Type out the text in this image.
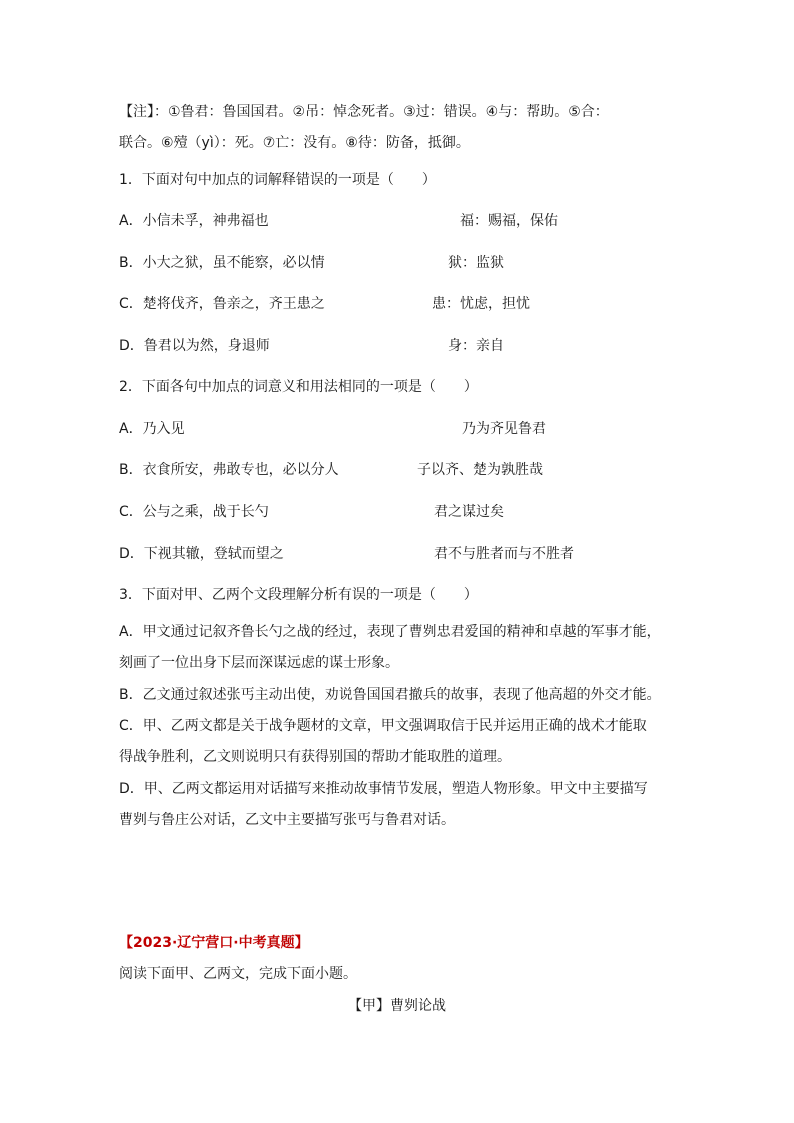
【注】：①鲁君：鲁国国君。②吊：悼念死者。③过：错误。④与：帮助。⑤合：
联合。⑥殪（yì）：死。⑦亡：没有。⑧待：防备，抵御。
1．下面对句中加点的词解释错误的一项是（　　）
A．小信未孚，神弗福也	福：赐福，保佑
B．小大之狱，虽不能察，必以情	狱：监狱
C．楚将伐齐，鲁亲之，齐王患之	患：忧虑，担忧
D．鲁君以为然，身退师	身：亲自
2．下面各句中加点的词意义和用法相同的一项是（　　）
A．乃入见	乃为齐见鲁君
B．衣食所安，弗敢专也，必以分人	子以齐、楚为孰胜哉
C．公与之乘，战于长勺	君之谋过矣
D．下视其辙，登轼而望之	君不与胜者而与不胜者
3．下面对甲、乙两个文段理解分析有误的一项是（　　）
A．甲文通过记叙齐鲁长勺之战的经过，表现了曹刿忠君爱国的精神和卓越的军事才能，
刻画了一位出身下层而深谋远虑的谋士形象。
B．乙文通过叙述张丐主动出使，劝说鲁国国君撤兵的故事，表现了他高超的外交才能。
C．甲、乙两文都是关于战争题材的文章，甲文强调取信于民并运用正确的战术才能取
得战争胜利，乙文则说明只有获得别国的帮助才能取胜的道理。
D．甲、乙两文都运用对话描写来推动故事情节发展，塑造人物形象。甲文中主要描写
曹刿与鲁庄公对话，乙文中主要描写张丐与鲁君对话。
【2023·辽宁营口·中考真题】
阅读下面甲、乙两文，完成下面小题。
【甲】曹刿论战
